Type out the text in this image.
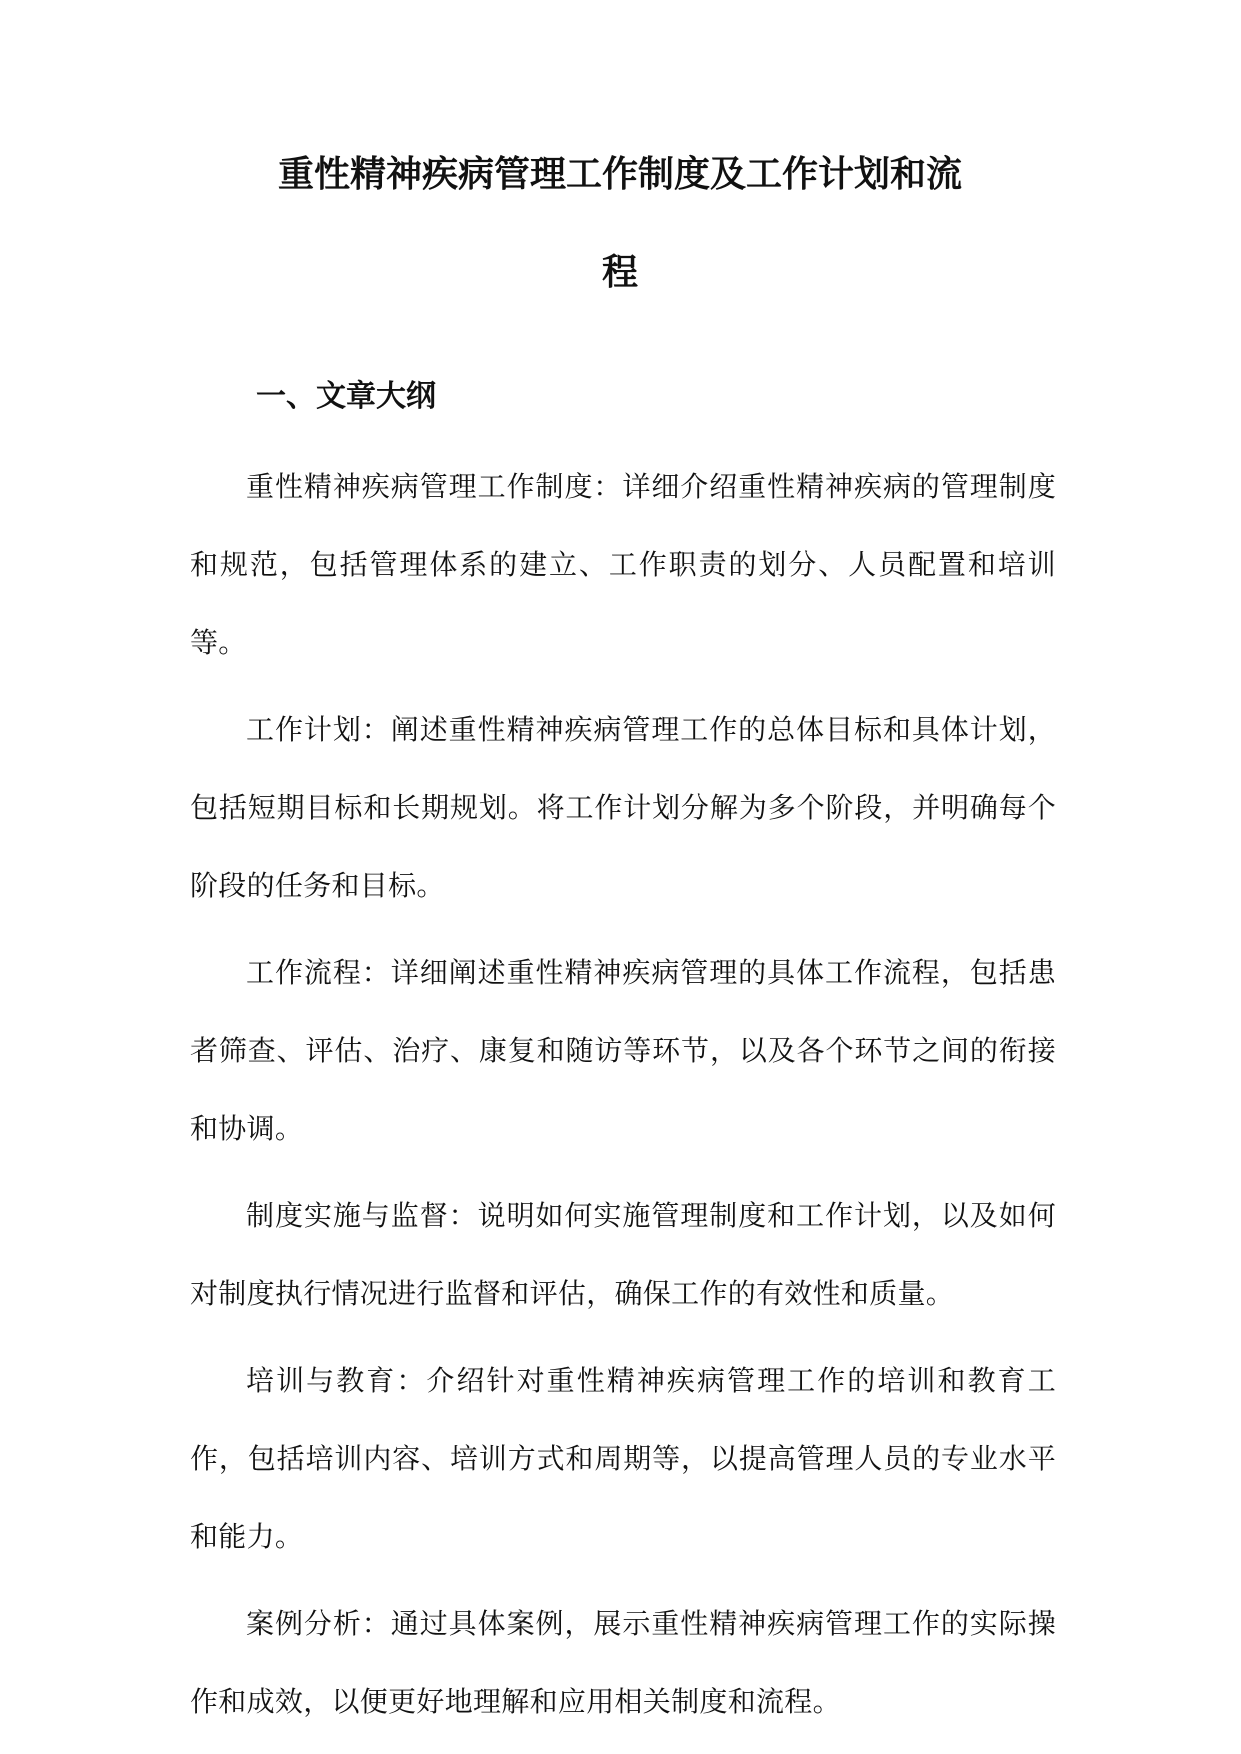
重性精神疾病管理工作制度及工作计划和流
程
一、文章大纲

重性精神疾病管理工作制度：详细介绍重性精神疾病的管理制度和规范，包括管理体系的建立、工作职责的划分、人员配置和培训等。

工作计划：阐述重性精神疾病管理工作的总体目标和具体计划，包括短期目标和长期规划。将工作计划分解为多个阶段，并明确每个阶段的任务和目标。

工作流程：详细阐述重性精神疾病管理的具体工作流程，包括患者筛查、评估、治疗、康复和随访等环节，以及各个环节之间的衔接和协调。

制度实施与监督：说明如何实施管理制度和工作计划，以及如何对制度执行情况进行监督和评估，确保工作的有效性和质量。

培训与教育：介绍针对重性精神疾病管理工作的培训和教育工作，包括培训内容、培训方式和周期等，以提高管理人员的专业水平和能力。

案例分析：通过具体案例，展示重性精神疾病管理工作的实际操作和成效，以便更好地理解和应用相关制度和流程。
